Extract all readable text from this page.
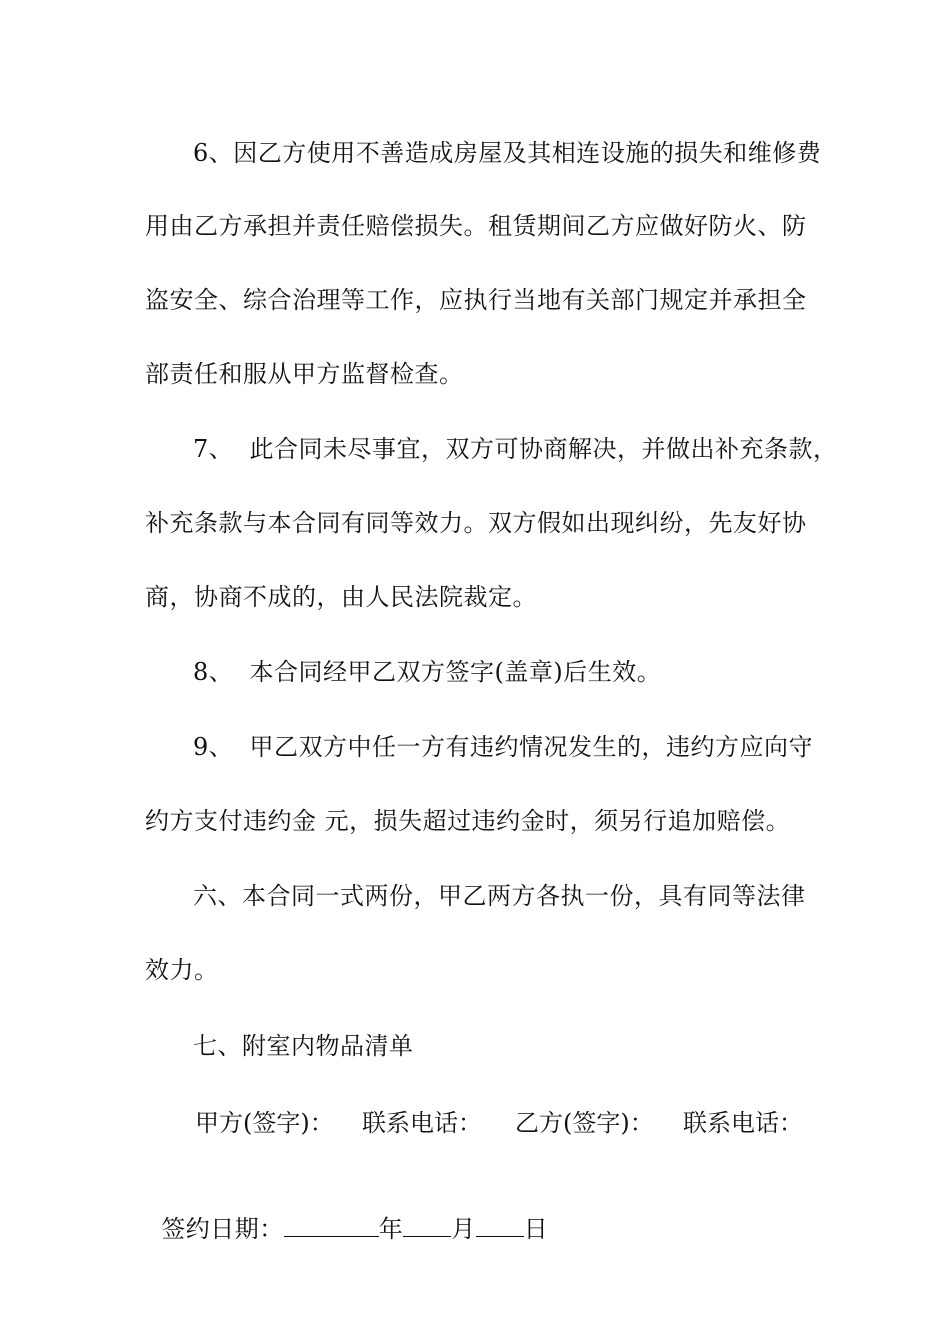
6、因乙方使用不善造成房屋及其相连设施的损失和维修费
用由乙方承担并责任赔偿损失。租赁期间乙方应做好防火、防
盗安全、综合治理等工作，应执行当地有关部门规定并承担全
部责任和服从甲方监督检查。
7、  此合同未尽事宜，双方可协商解决，并做出补充条款，
补充条款与本合同有同等效力。双方假如出现纠纷，先友好协
商，协商不成的，由人民法院裁定。
8、  本合同经甲乙双方签字(盖章)后生效。
9、  甲乙双方中任一方有违约情况发生的，违约方应向守
约方支付违约金 元，损失超过违约金时，须另行追加赔偿。
六、本合同一式两份，甲乙两方各执一份，具有同等法律
效力。
七、附室内物品清单
甲方(签字)： 联系电话： 乙方(签字)： 联系电话：

签约日期：	年 月 日
